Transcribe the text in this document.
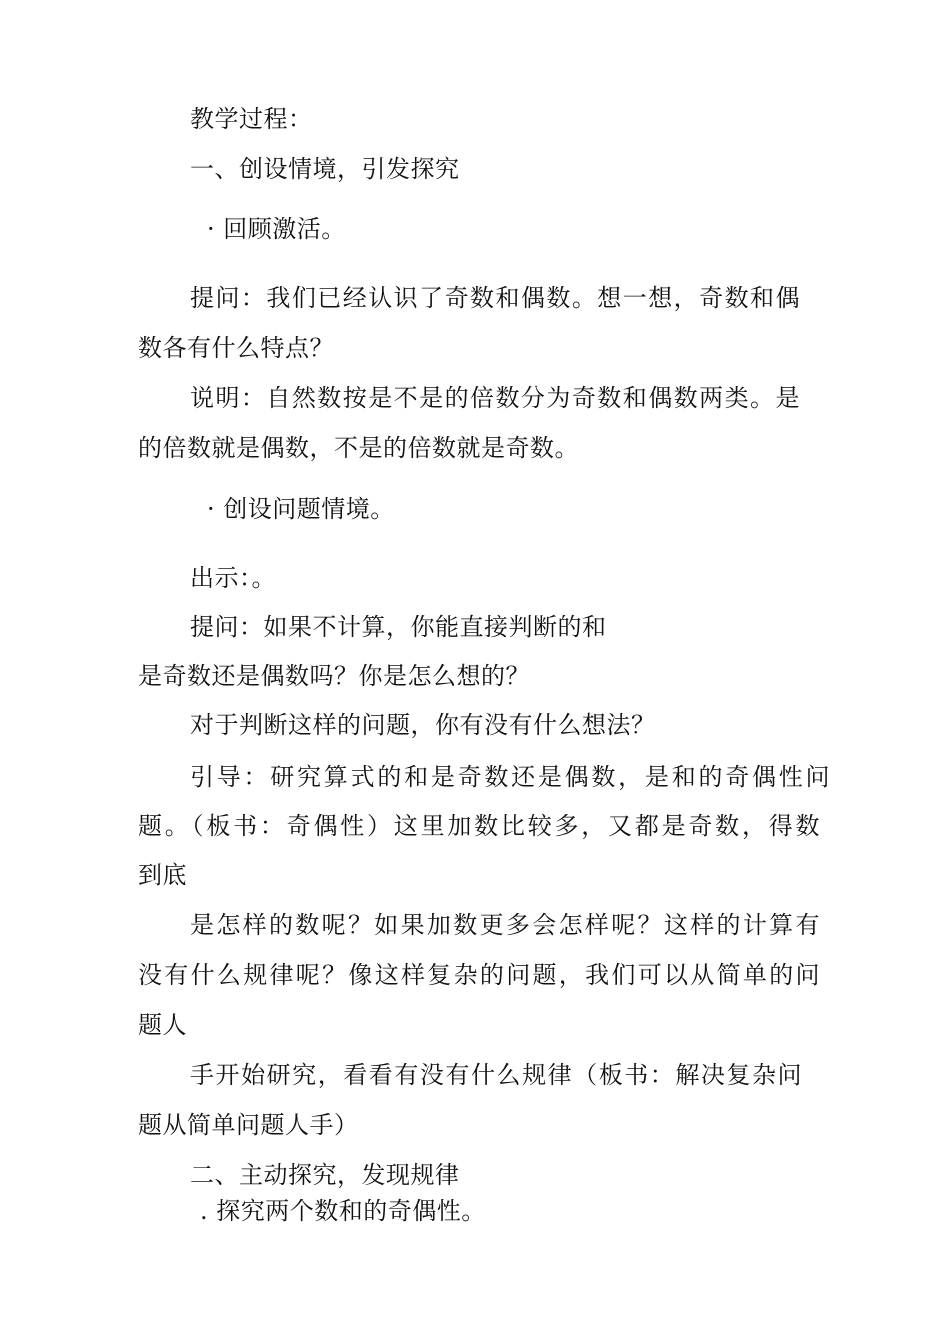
教学过程：
一、创设情境，引发探究
· 回顾激活。
提问：我们已经认识了奇数和偶数。想一想，奇数和偶
数各有什么特点？
说明：自然数按是不是的倍数分为奇数和偶数两类。是
的倍数就是偶数，不是的倍数就是奇数。
· 创设问题情境。
出示：。
提问：如果不计算，你能直接判断的和
是奇数还是偶数吗？你是怎么想的？
对于判断这样的问题，你有没有什么想法？
引导：研究算式的和是奇数还是偶数，是和的奇偶性问
题。（板书：奇偶性）这里加数比较多，又都是奇数，得数
到底
是怎样的数呢？如果加数更多会怎样呢？这样的计算有
没有什么规律呢？像这样复杂的问题，我们可以从简单的问
题人
手开始研究，看看有没有什么规律（板书：解决复杂问
题从简单问题人手）
二、主动探究，发现规律
. 探究两个数和的奇偶性。
